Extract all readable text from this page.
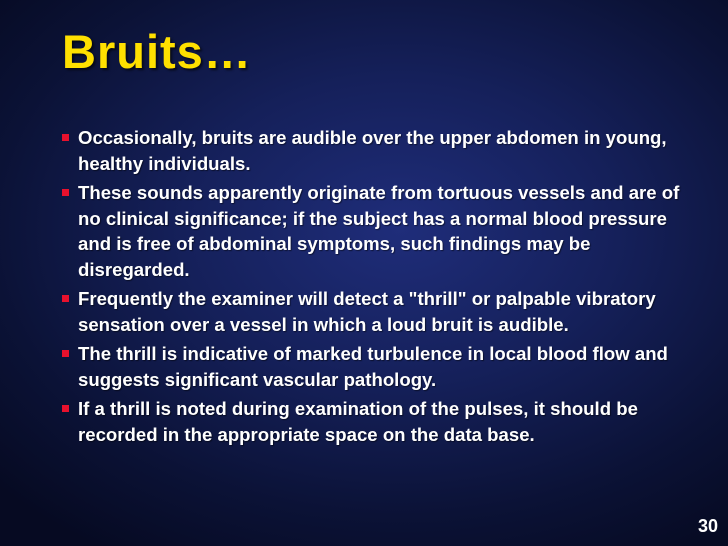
Bruits…
Occasionally, bruits are audible over the upper abdomen in young, healthy individuals.
These sounds apparently originate from tortuous vessels and are of no clinical significance; if the subject has a normal blood pressure and is free of abdominal symptoms, such findings may be disregarded.
Frequently the examiner will detect a "thrill" or palpable vibratory sensation over a vessel in which a loud bruit is audible.
The thrill is indicative of marked turbulence in local blood flow and suggests significant vascular pathology.
If a thrill is noted during examination of the pulses, it should be recorded in the appropriate space on the data base.
30
